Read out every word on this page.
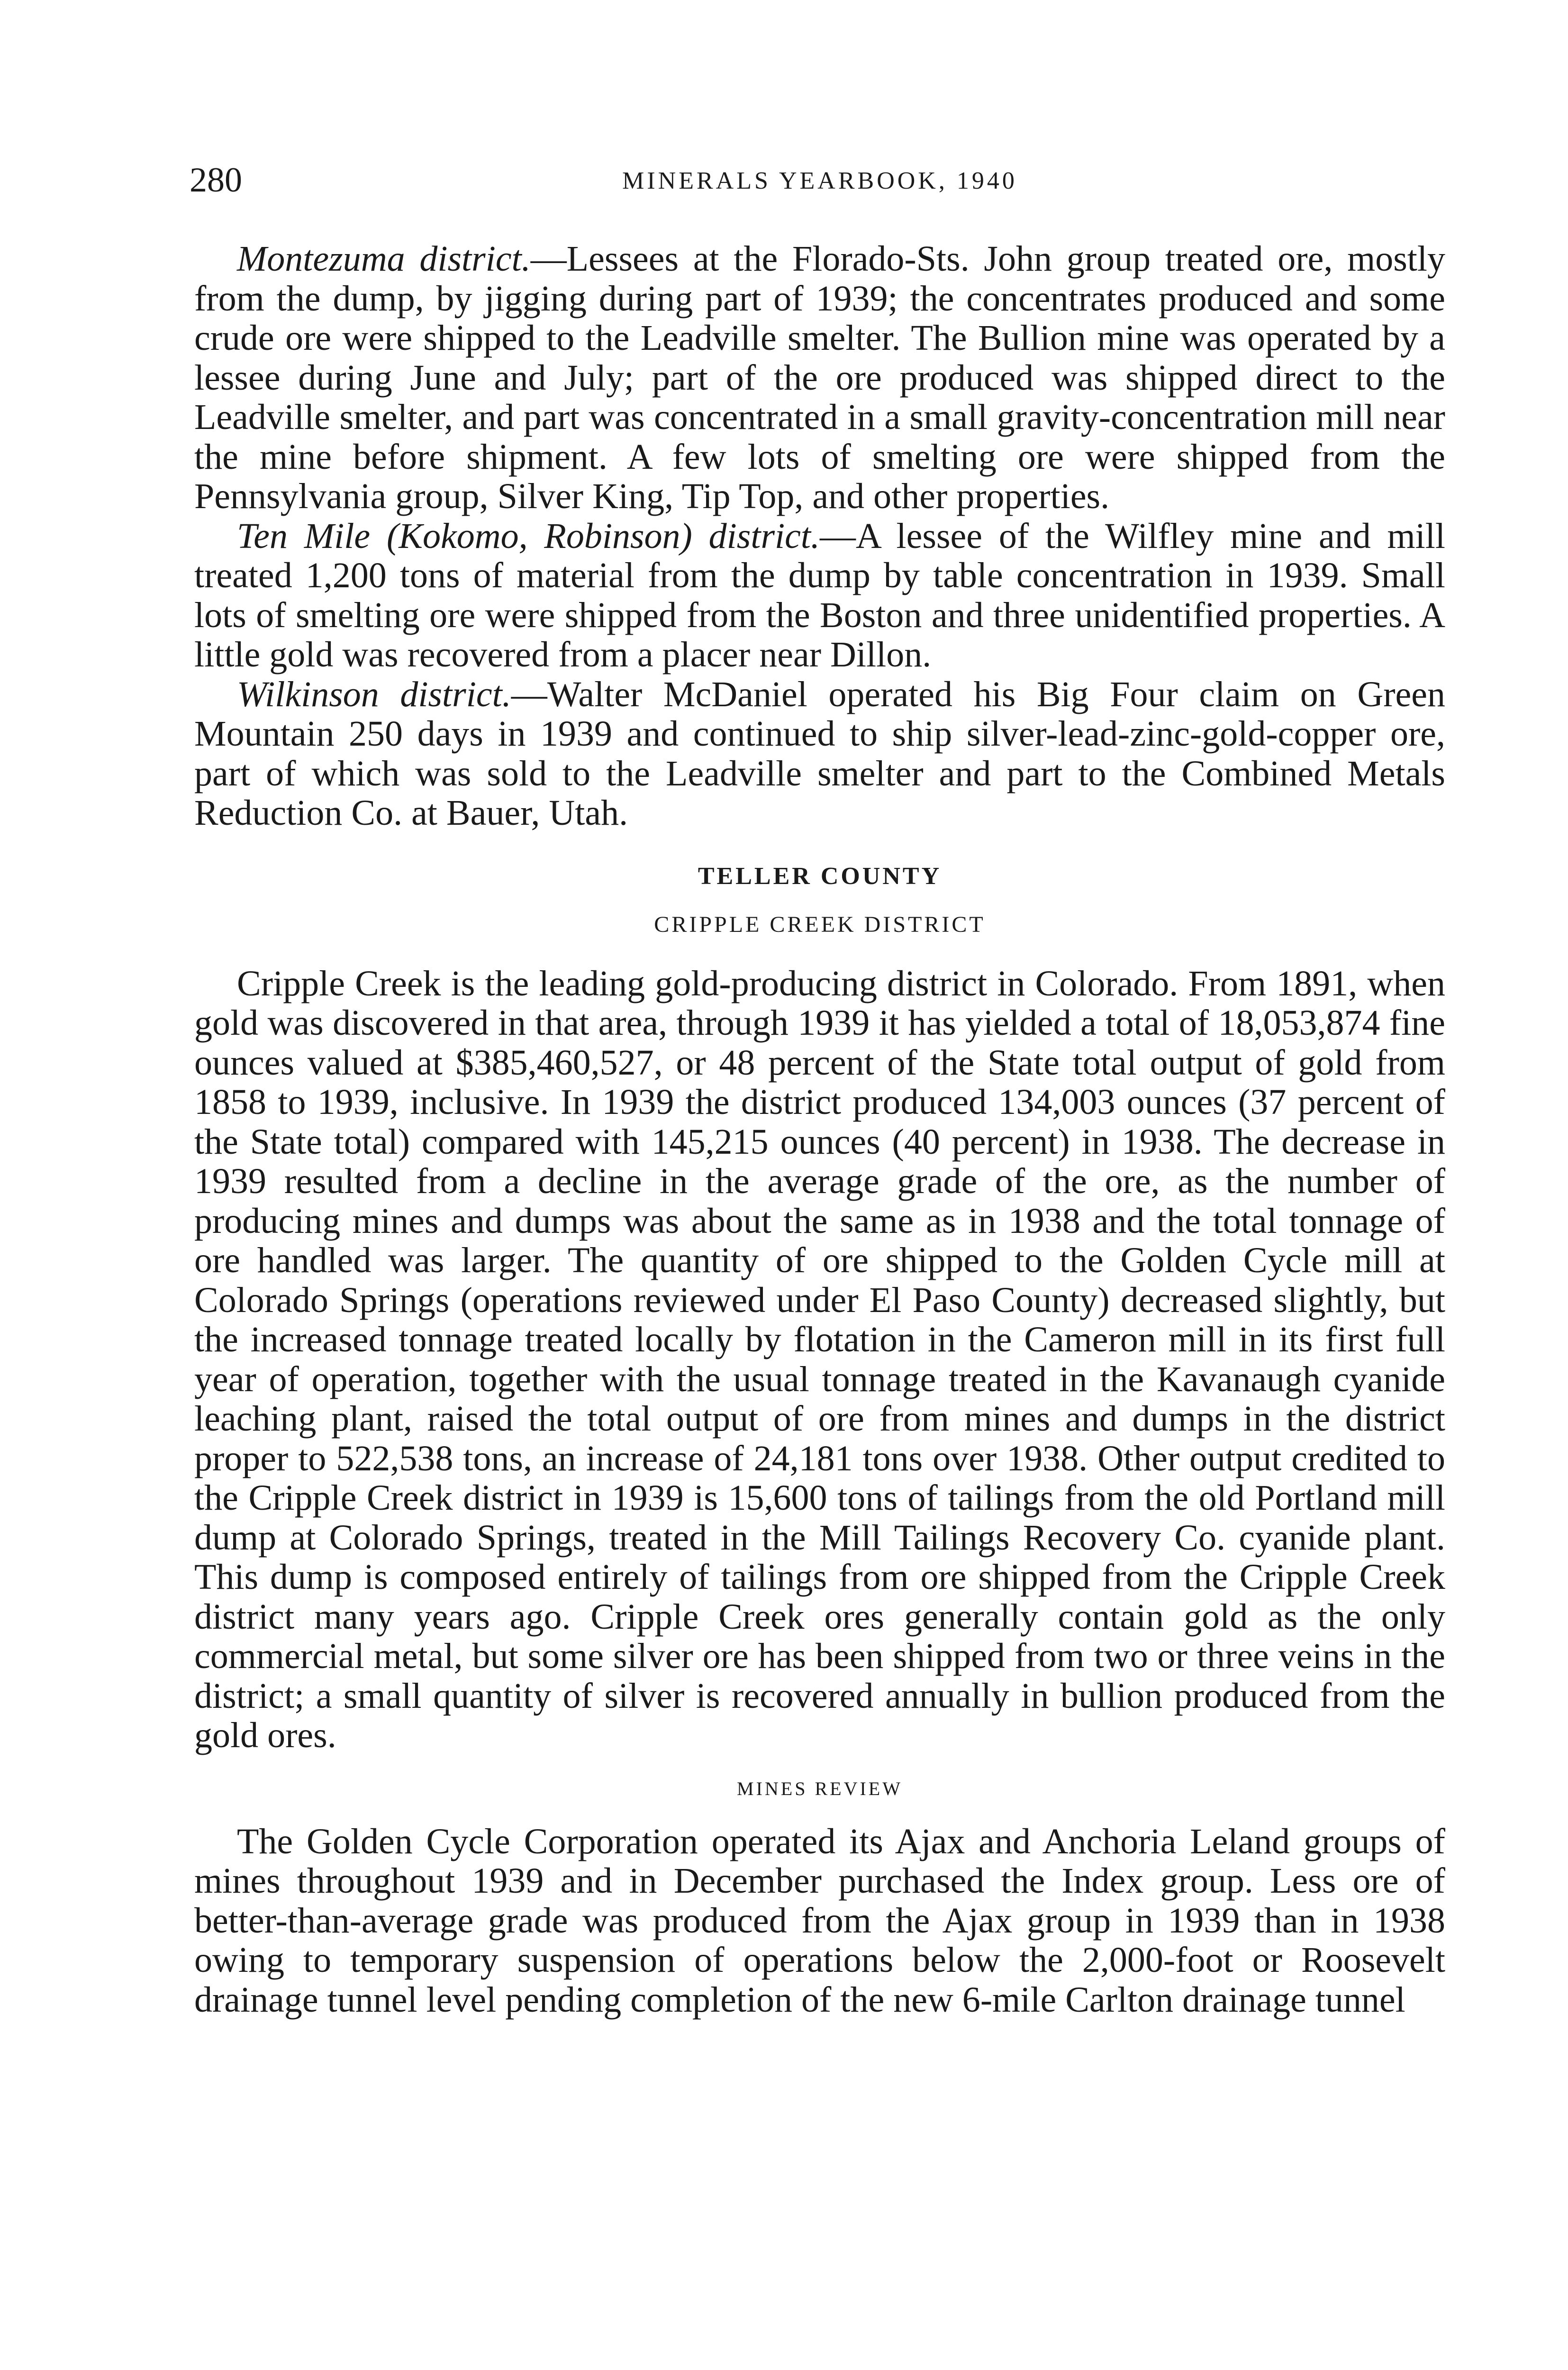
280	MINERALS YEARBOOK, 1940

Montezuma district.—Lessees at the Florado-Sts. John group treated ore, mostly from the dump, by jigging during part of 1939; the concentrates produced and some crude ore were shipped to the Leadville smelter. The Bullion mine was operated by a lessee during June and July; part of the ore produced was shipped direct to the Leadville smelter, and part was concentrated in a small gravity-concentration mill near the mine before shipment. A few lots of smelting ore were shipped from the Pennsylvania group, Silver King, Tip Top, and other properties.

Ten Mile (Kokomo, Robinson) district.—A lessee of the Wilfley mine and mill treated 1,200 tons of material from the dump by table concentration in 1939. Small lots of smelting ore were shipped from the Boston and three unidentified properties. A little gold was recovered from a placer near Dillon.

Wilkinson district.—Walter McDaniel operated his Big Four claim on Green Mountain 250 days in 1939 and continued to ship silver-lead-zinc-gold-copper ore, part of which was sold to the Leadville smelter and part to the Combined Metals Reduction Co. at Bauer, Utah.

TELLER COUNTY
CRIPPLE CREEK DISTRICT

Cripple Creek is the leading gold-producing district in Colorado. From 1891, when gold was discovered in that area, through 1939 it has yielded a total of 18,053,874 fine ounces valued at $385,460,527, or 48 percent of the State total output of gold from 1858 to 1939, inclusive. In 1939 the district produced 134,003 ounces (37 percent of the State total) compared with 145,215 ounces (40 percent) in 1938. The decrease in 1939 resulted from a decline in the average grade of the ore, as the number of producing mines and dumps was about the same as in 1938 and the total tonnage of ore handled was larger. The quantity of ore shipped to the Golden Cycle mill at Colorado Springs (operations reviewed under El Paso County) decreased slightly, but the increased tonnage treated locally by flotation in the Cameron mill in its first full year of operation, together with the usual tonnage treated in the Kavanaugh cyanide leaching plant, raised the total output of ore from mines and dumps in the district proper to 522,538 tons, an increase of 24,181 tons over 1938. Other output credited to the Cripple Creek district in 1939 is 15,600 tons of tailings from the old Portland mill dump at Colorado Springs, treated in the Mill Tailings Recovery Co. cyanide plant. This dump is composed entirely of tailings from ore shipped from the Cripple Creek district many years ago. Cripple Creek ores generally contain gold as the only commercial metal, but some silver ore has been shipped from two or three veins in the district; a small quantity of silver is recovered annually in bullion produced from the gold ores.

MINES REVIEW

The Golden Cycle Corporation operated its Ajax and Anchoria Leland groups of mines throughout 1939 and in December purchased the Index group. Less ore of better-than-average grade was produced from the Ajax group in 1939 than in 1938 owing to temporary suspension of operations below the 2,000-foot or Roosevelt drainage tunnel level pending completion of the new 6-mile Carlton drainage tunnel
